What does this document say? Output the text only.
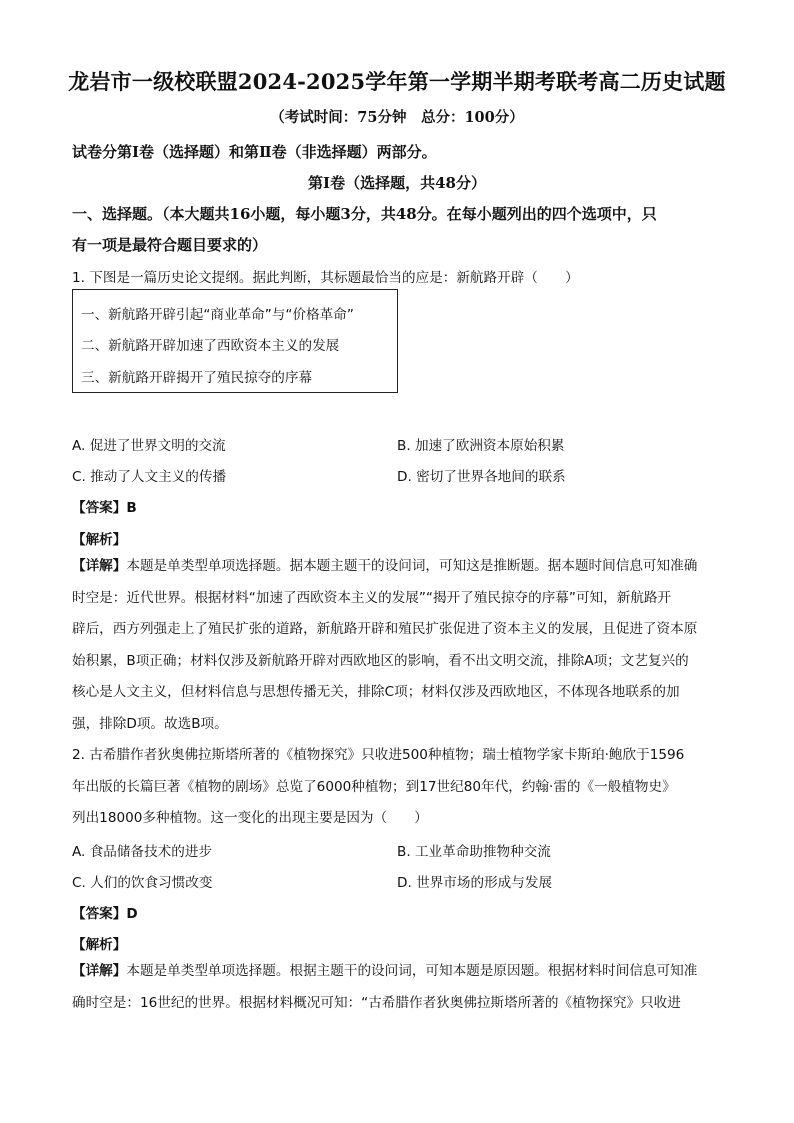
龙岩市一级校联盟2024-2025学年第一学期半期考联考高二历史试题
（考试时间：75分钟　总分：100分）
试卷分第Ⅰ卷（选择题）和第Ⅱ卷（非选择题）两部分。
第Ⅰ卷（选择题，共48分）
一、选择题。（本大题共16小题，每小题3分，共48分。在每小题列出的四个选项中，只
有一项是最符合题目要求的）
1. 下图是一篇历史论文提纲。据此判断，其标题最恰当的应是：新航路开辟（　　）
一、新航路开辟引起“商业革命”与“价格革命”
二、新航路开辟加速了西欧资本主义的发展
三、新航路开辟揭开了殖民掠夺的序幕
A. 促进了世界文明的交流	B. 加速了欧洲资本原始积累
C. 推动了人文主义的传播	D. 密切了世界各地间的联系
【答案】B
【解析】
【详解】本题是单类型单项选择题。据本题主题干的设问词，可知这是推断题。据本题时间信息可知准确
时空是：近代世界。根据材料“加速了西欧资本主义的发展”“揭开了殖民掠夺的序幕”可知，新航路开
辟后，西方列强走上了殖民扩张的道路，新航路开辟和殖民扩张促进了资本主义的发展，且促进了资本原
始积累，B项正确；材料仅涉及新航路开辟对西欧地区的影响，看不出文明交流，排除A项；文艺复兴的
核心是人文主义，但材料信息与思想传播无关，排除C项；材料仅涉及西欧地区，不体现各地联系的加
强，排除D项。故选B项。
2. 古希腊作者狄奥佛拉斯塔所著的《植物探究》只收进500种植物；瑞士植物学家卡斯珀·鲍欣于1596
年出版的长篇巨著《植物的剧场》总览了6000种植物；到17世纪80年代，约翰·雷的《一般植物史》
列出18000多种植物。这一变化的出现主要是因为（　　）
A. 食品储备技术的进步	B. 工业革命助推物种交流
C. 人们的饮食习惯改变	D. 世界市场的形成与发展
【答案】D
【解析】
【详解】本题是单类型单项选择题。根据主题干的设问词，可知本题是原因题。根据材料时间信息可知准
确时空是：16世纪的世界。根据材料概况可知：“古希腊作者狄奥佛拉斯塔所著的《植物探究》只收进
